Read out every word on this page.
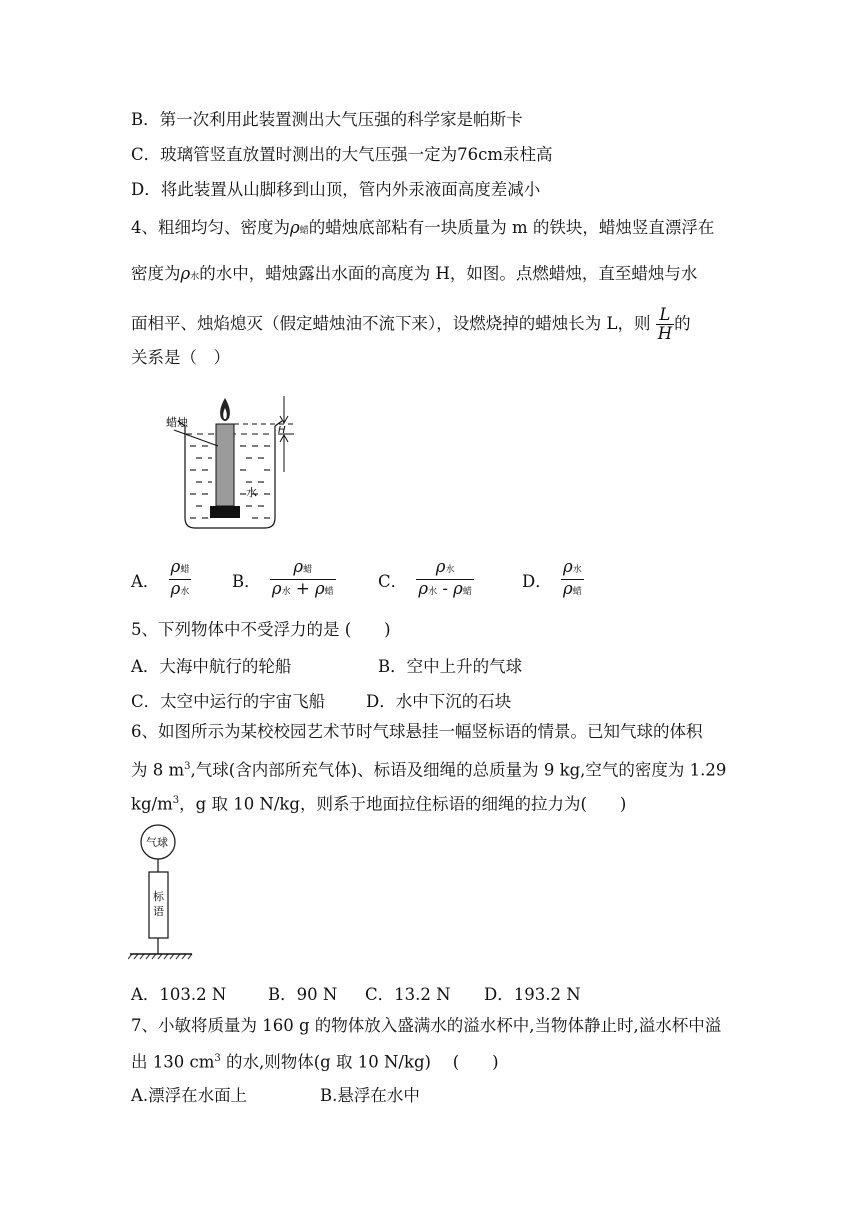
B．第一次利用此装置测出大气压强的科学家是帕斯卡
C．玻璃管竖直放置时测出的大气压强一定为76cm汞柱高
D．将此装置从山脚移到山顶，管内外汞液面高度差减小
4、粗细均匀、密度为ρ蜡的蜡烛底部粘有一块质量为 m 的铁块，蜡烛竖直漂浮在
密度为ρ水的水中，蜡烛露出水面的高度为 H，如图。点燃蜡烛，直至蜡烛与水
面相平、烛焰熄灭（假定蜡烛油不流下来），设燃烧掉的蜡烛长为 L，则 $\frac{L}{H}$ 的
关系是（　）
H
蜡烛
水
A． $\frac{\text{ρ蜡}}{\text{ρ水}}$ B． $\frac{\text{ρ蜡}}{\text{ρ水 + ρ蜡}}$	C． $\frac{\text{ρ水}}{\text{ρ水 - ρ蜡}}$	D． $\frac{\text{ρ水}}{\text{ρ蜡}}$
5、下列物体中不受浮力的是 (　　)
A．大海中航行的轮船	B．空中上升的气球
C．太空中运行的宇宙飞船 D．水中下沉的石块
6、如图所示为某校校园艺术节时气球悬挂一幅竖标语的情景。已知气球的体积
为 8 $m^3$,气球(含内部所充气体)、标语及细绳的总质量为 9 kg,空气的密度为 1.29
$kg/m^3$，g 取 10 N/kg，则系于地面拉住标语的细绳的拉力为(　　)
气球
标
语
A．103.2 N	B．90 N C．13.2 N D．193.2 N
7、小敏将质量为 160 g 的物体放入盛满水的溢水杯中,当物体静止时,溢水杯中溢
出 130 $cm^3$ 的水,则物体(g 取 10 N/kg)　 (　　)
A.漂浮在水面上	B.悬浮在水中
